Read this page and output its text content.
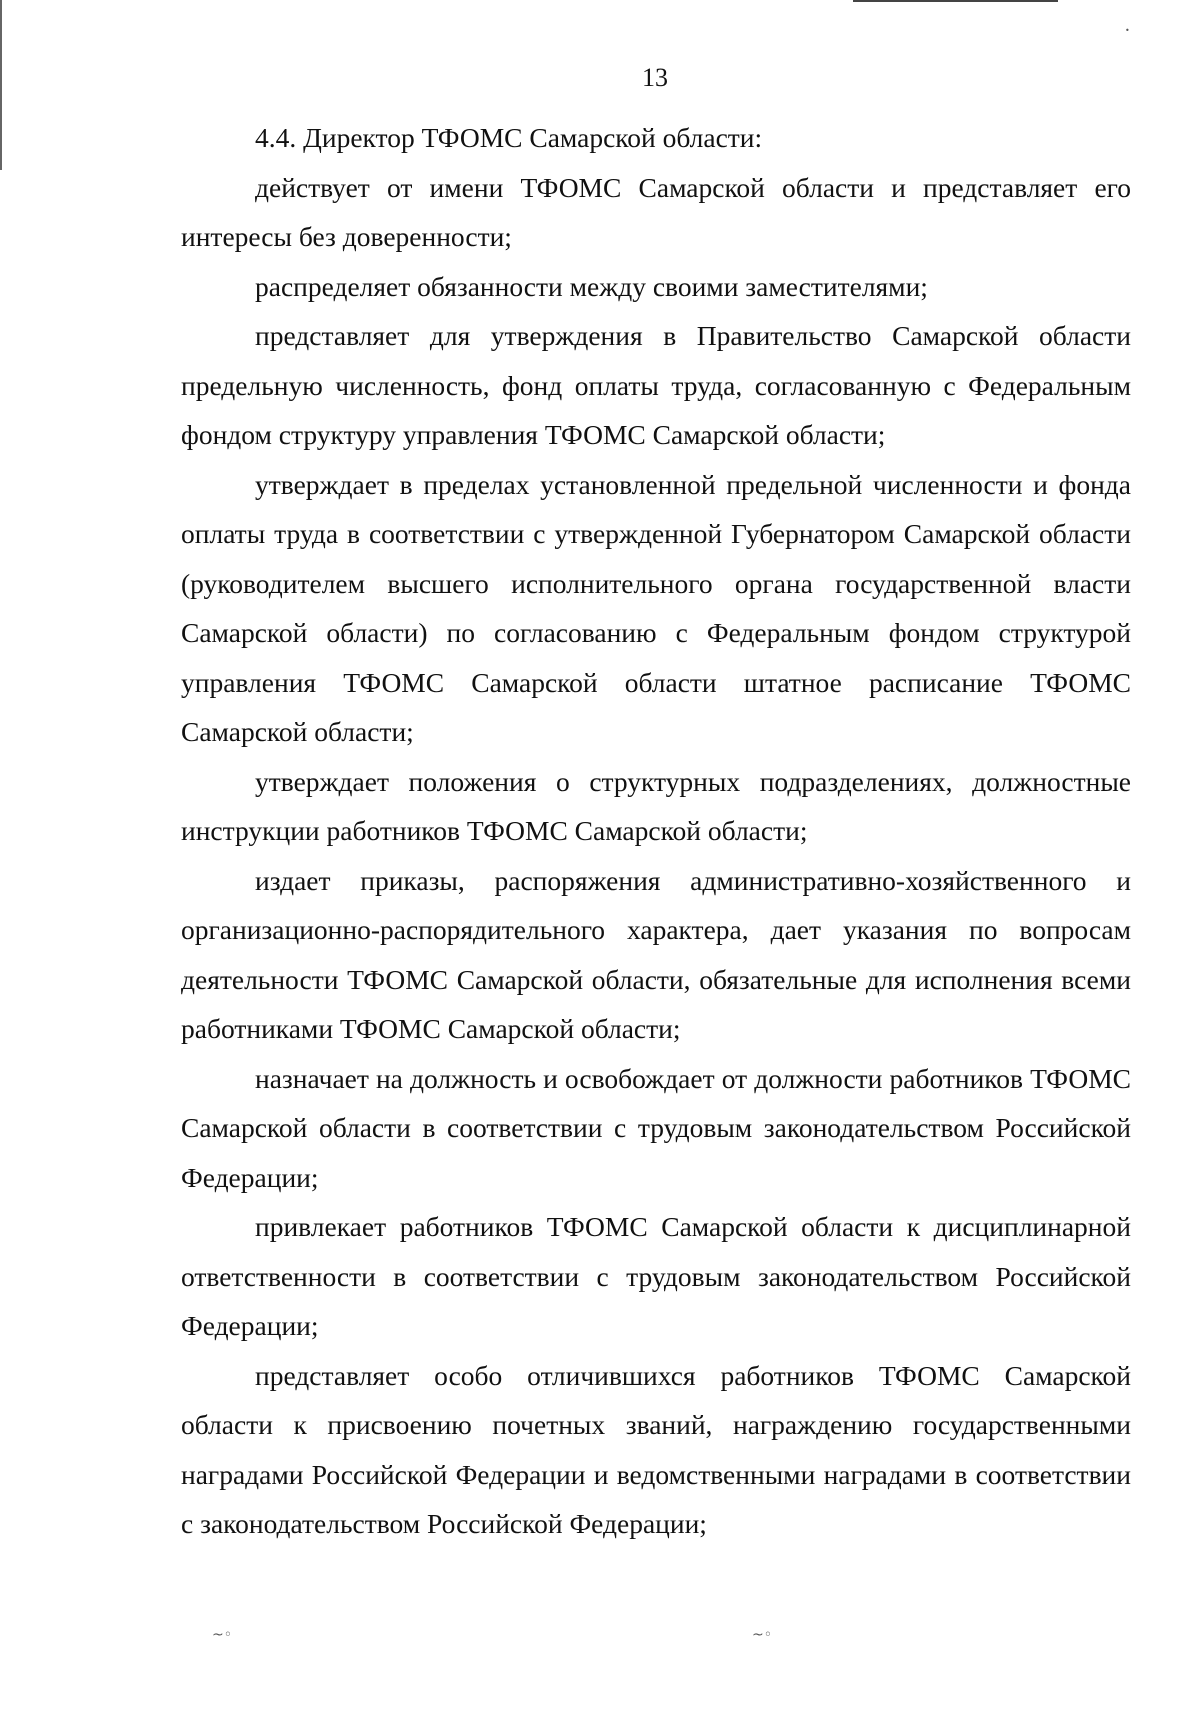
13

4.4. Директор ТФОМС Самарской области:

действует от имени ТФОМС Самарской области и представляет его интересы без доверенности;

распределяет обязанности между своими заместителями;

представляет для утверждения в Правительство Самарской области предельную численность, фонд оплаты труда, согласованную с Федеральным фондом структуру управления ТФОМС Самарской области;

утверждает в пределах установленной предельной численности и фонда оплаты труда в соответствии с утвержденной Губернатором Самарской области (руководителем высшего исполнительного органа государственной власти Самарской области) по согласованию с Федеральным фондом структурой управления ТФОМС Самарской области штатное расписание ТФОМС Самарской области;

утверждает положения о структурных подразделениях, должностные инструкции работников ТФОМС Самарской области;

издает приказы, распоряжения административно-хозяйственного и организационно-распорядительного характера, дает указания по вопросам деятельности ТФОМС Самарской области, обязательные для исполнения всеми работниками ТФОМС Самарской области;

назначает на должность и освобождает от должности работников ТФОМС Самарской области в соответствии с трудовым законодательством Российской Федерации;

привлекает работников ТФОМС Самарской области к дисциплинарной ответственности в соответствии с трудовым законодательством Российской Федерации;

представляет особо отличившихся работников ТФОМС Самарской области к присвоению почетных званий, награждению государственными наградами Российской Федерации и ведомственными наградами в соответствии с законодательством Российской Федерации;

~◦	~◦
•
